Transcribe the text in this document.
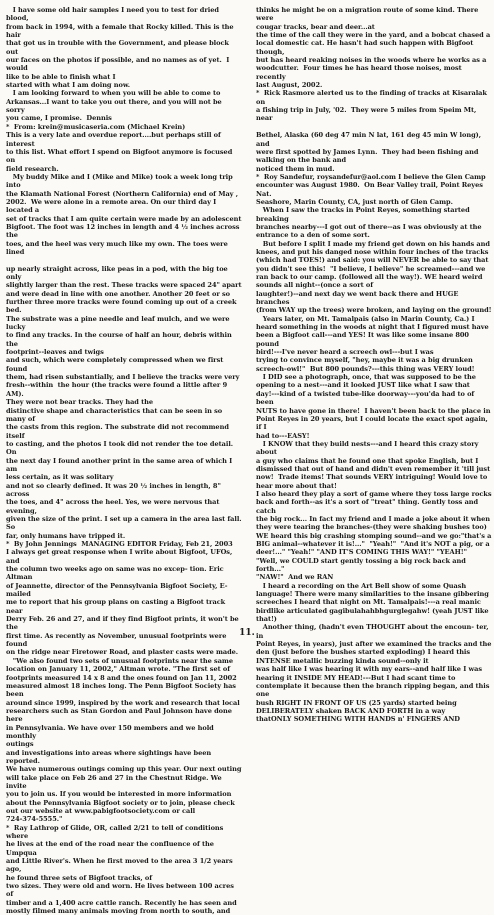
I have some old hair samples I need you to test for dried blood,

from back in 1994, with a female that Rocky killed. This is the hair

that got us in trouble with the Government, and please block out

our faces on the photos if possible, and no names as of yet.  I would

like to be able to finish what I

started with what I am doing now.

I am looking forward to when you will be able to come to

Arkansas...I want to take you out there, and you will not be sorry

you came, I promise.  Dennis

*  From: krein@musicaseria.com (Michael Krein)

This is a very late and overdue report....but perhaps still of interest

to this list. What effort I spend on Bigfoot anymore is focused on

field research.

My buddy Mike and I (Mike and Mike) took a week long trip into

the Klamath National Forest (Northern California) end of May ,

2002.  We were alone in a remote area. On our third day I located a

set of tracks that I am quite certain were made by an adolescent

Bigfoot. The foot was 12 inches in length and 4 ½ inches across the

toes, and the heel was very much like my own. The toes were lined

up nearly straight across, like peas in a pod, with the big toe only

slightly larger than the rest. These tracks were spaced 24" apart

and were dead in line with one another. Another 20 feet or so

further three more tracks were found coming up out of a creek bed.

The substrate was a pine needle and leaf mulch, and we were lucky

to find any tracks. In the course of half an hour, debris within the

footprint--leaves and twigs

and such, which were completely compressed when we first found

them, had risen substantially, and I believe the tracks were very

fresh--within  the hour (the tracks were found a little after 9 AM).

They were not bear tracks. They had the

distinctive shape and characteristics that can be seen in so many of

the casts from this region. The substrate did not recommend itself

to casting, and the photos I took did not render the toe detail. On

the next day I found another print in the same area of which I am

less certain, as it was solitary

and not so clearly defined. It was 20 ½ inches in length, 8" across

the toes, and 4" across the heel. Yes, we were nervous that evening,

given the size of the print. I set up a camera in the area last fall. So

far, only humans have tripped it.

*  By John Jennings  MANAGING EDITOR Friday, Feb 21, 2003

I always get great response when I write about Bigfoot, UFOs, and

the column two weeks ago on same was no excep- tion. Eric Altman

of Jeannette, director of the Pennsylvania Bigfoot Society, E-mailed

me to report that his group plans on casting a Bigfoot track near

Derry Feb. 26 and 27, and if they find Bigfoot prints, it won't be the

first time. As recently as November, unusual footprints were found

on the ridge near Firetower Road, and plaster casts were made.

"We also found two sets of unusual footprints near the same

location on January 11, 2002," Altman wrote. "The first set of

footprints measured 14 x 8 and the ones found on Jan 11, 2002

measured almost 18 inches long. The Penn Bigfoot Society has been

around since 1999, inspired by the work and research that local

researchers such as Stan Gordon and Paul Johnson have done here

in Pennsylvania. We have over 150 members and we hold monthly

outings

and investigations into areas where sightings have been reported.

We have numerous outings coming up this year. Our next outing

will take place on Feb 26 and 27 in the Chestnut Ridge. We invite

you to join us. If you would be interested in more information

about the Pennsylvania Bigfoot society or to join, please check

out our website at www.pabigfootsociety.com or call

724-374-5555."

*  Ray Lathrop of Glide, OR, called 2/21 to tell of conditions where

he lives at the end of the road near the confluence of the Umpqua

and Little River's. When he first moved to the area 3 1/2 years ago,

he found three sets of Bigfoot tracks, of

two sizes. They were old and worn. He lives between 100 acres of

timber and a 1,400 acre cattle ranch. Recently he has seen and

mostly filmed many animals moving from north to south, and

thinks he might be on a migration route of some kind. There were

cougar tracks, bear and deer...at

the time of the call they were in the yard, and a bobcat chased a

local domestic cat. He hasn't had such happen with Bigfoot though,

but has heard reaking noises in the woods where he works as a

woodcutter.  Four times he has heard those noises, most recently

last August, 2002.

*  Rick Rasmore alerted us to the finding of tracks at Kisaralak on

a fishing trip in July, '02.  They were 5 miles from Speim Mt, near

Bethel, Alaska (60 deg 47 min N lat, 161 deg 45 min W long), and

were first spotted by James Lynn.  They had been fishing and

walking on the bank and

noticed them in mud.

*  Roy Sandefur, roysandefur@aol.com I believe the Glen Camp

encounter was August 1980.  On Bear Valley trail, Point Reyes Nat.

Seashore, Marin County, CA, just north of Glen Camp.

When I saw the tracks in Point Reyes, something started breaking

branches nearby---I got out of there--as I was obviously at the

entrance to a den of some sort.

But before I split I made my friend get down on his hands and

knees, and put his danged nose within four inches of the tracks

(which had TOES!) and said: you will NEVER be able to say that

you didn't see this!  "I believe, I believe" he screamed---and we

ran back to our camp. (followed all the way!). WE heard weird

sounds all night--(once a sort of

laughter!)--and next day we went back there and HUGE branches

(from WAY up the trees) were broken, and laying on the ground!

Years later, on Mt. Tamalpais (also in Marin County, Ca.) I

heard something in the woods at night that I figured must have

been a Bigfoot call---and YES! It was like some insane 800 pound

bird!---I've never heard a screech owl---but I was

trying to convince myself, "hey, maybe it was a big drunken

screech-owl!"  But 800 pounds?---this thing was VERY loud!

I DID see a photograph, once, that was supposed to be the

opening to a nest---and it looked JUST like what I saw that

day!---kind of a twisted tube-like doorway---you'da had to of been

NUTS to have gone in there!  I haven't been back to the place in

Point Reyes in 20 years, but I could locate the exact spot again, if I

had to---EASY!

I KNOW that they build nests---and I heard this crazy story about

a guy who claims that he found one that spoke English, but I

dismissed that out of hand and didn't even remember it 'till just

now!  Trade items! That sounds VERY intriguing! Would love to

hear more about that!

I also heard they play a sort of game where they toss large rocks

back and forth--as it's a sort of "treat" thing. Gently toss and catch

the big rock... In fact my friend and I made a joke about it when

they were tearing the branches-(they were shaking bushes too)

WE heard this big crashing stomping sound--and we go:"that's a

BIG animal--whatever it is!..."  "Yeah!"  "And it's NOT a pig, or a

deer!..." "Yeah!" "AND IT'S COMING THIS WAY!" "YEAH!"

"Well, we COULD start gently tossing a big rock back and forth..."

"NAW!"  And we RAN

I heard a recording on the Art Bell show of some Quash

language! There were many similarities to the insane gibbering

screeches I heard that night on Mt. Tamalpais!---a real manic

birdlike articulated gagibulahahbhgurglegahw! (yeah JUST like

that!)

Another thing, (hadn't even THOUGHT about the encoun- ter, in

Point Reyes, in years), just after we examined the tracks and the

den (just before the bushes started exploding) I heard this

INTENSE metallic buzzing kinda sound--only it

was half like I was hearing it with my ears--and half like I was

hearing it INSIDE MY HEAD!---But I had scant time to

contemplate it because then the branch ripping began, and this one

bush RIGHT IN FRONT OF US (25 yards) started being

DELIBERATELY shaken BACK AND FORTH in a way

thatONLY SOMETHING WITH HANDS n' FINGERS AND

11.
